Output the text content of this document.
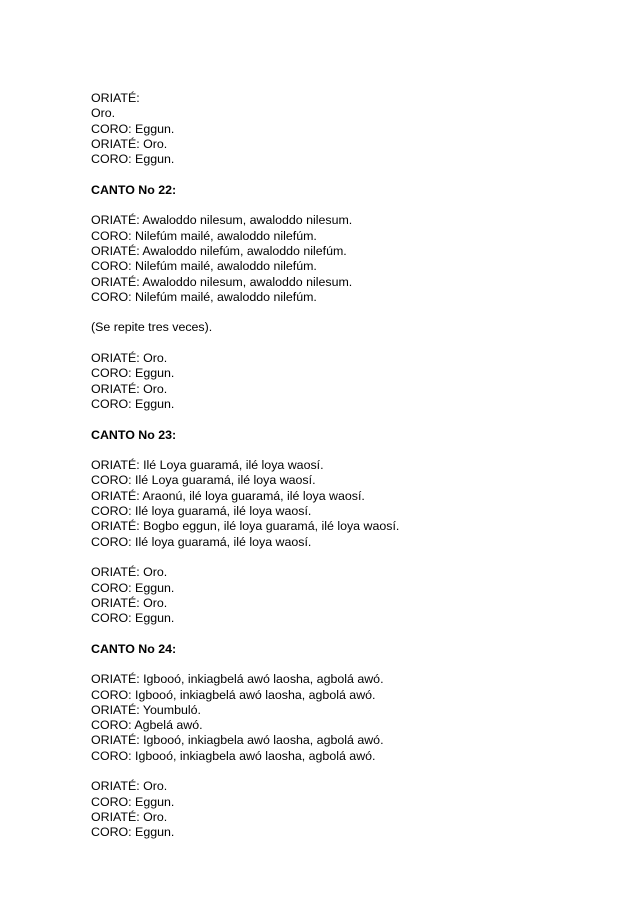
ORIATÉ:

Oro.

CORO: Eggun.

ORIATÉ: Oro.

CORO: Eggun.

CANTO No 22:

ORIATÉ: Awaloddo nilesum, awaloddo nilesum.

CORO: Nilefúm mailé, awaloddo nilefúm.

ORIATÉ: Awaloddo nilefúm, awaloddo nilefúm.

CORO: Nilefúm mailé, awaloddo nilefúm.

ORIATÉ: Awaloddo nilesum, awaloddo nilesum.

CORO: Nilefúm mailé, awaloddo nilefúm.

(Se repite tres veces).

ORIATÉ: Oro.

CORO: Eggun.

ORIATÉ: Oro.

CORO: Eggun.

CANTO No 23:

ORIATÉ: Ilé Loya guaramá, ilé loya waosí.

CORO: Ilé Loya guaramá, ilé loya waosí.

ORIATÉ: Araonú, ilé loya guaramá, ilé loya waosí.

CORO: Ilé loya guaramá, ilé loya waosí.

ORIATÉ: Bogbo eggun, ilé loya guaramá, ilé loya waosí.

CORO: Ilé loya guaramá, ilé loya waosí.

ORIATÉ: Oro.

CORO: Eggun.

ORIATÉ: Oro.

CORO: Eggun.

CANTO No 24:

ORIATÉ: Igbooó, inkiagbelá awó laosha, agbolá awó.

CORO: Igbooó, inkiagbelá awó laosha, agbolá awó.

ORIATÉ: Youmbuló.

CORO: Agbelá awó.

ORIATÉ: Igbooó, inkiagbela awó laosha, agbolá awó.

CORO: Igbooó, inkiagbela awó laosha, agbolá awó.

ORIATÉ: Oro.

CORO: Eggun.

ORIATÉ: Oro.

CORO: Eggun.
